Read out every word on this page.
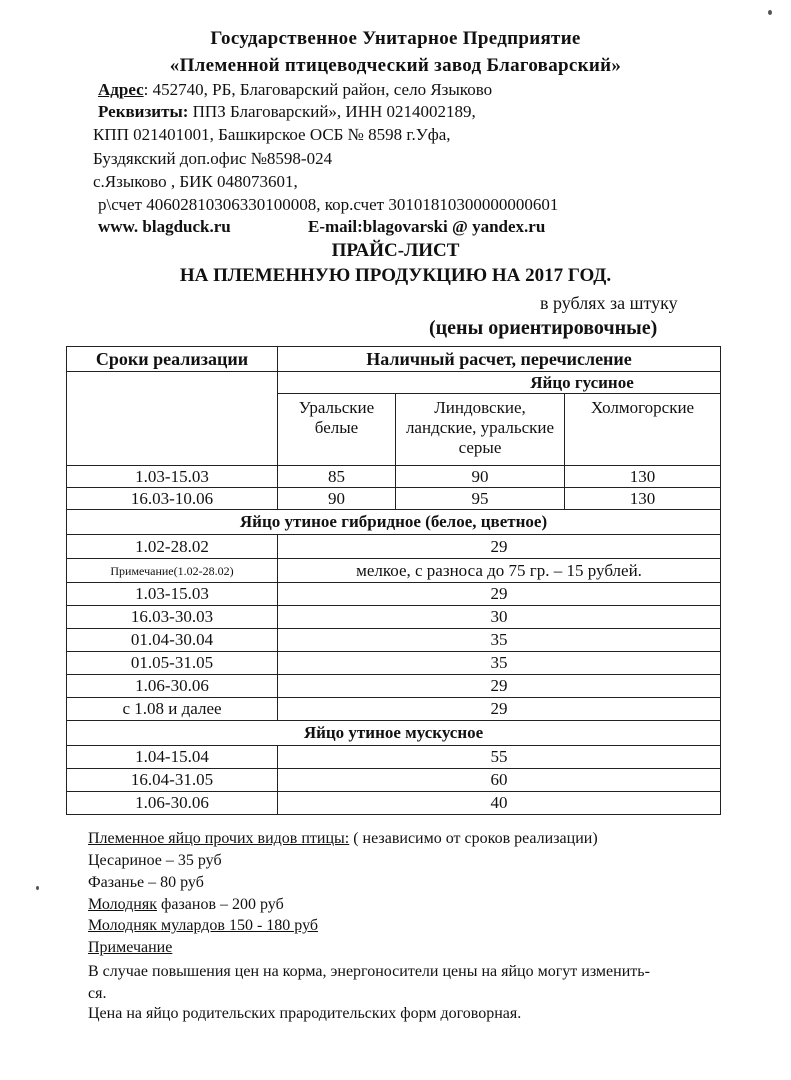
Государственное Унитарное Предприятие
«Племенной птицеводческий завод Благоварский»
Адрес: 452740, РБ, Благоварский район, село Языково
Реквизиты: ППЗ Благоварский», ИНН 0214002189,
КПП 021401001, Башкирское ОСБ № 8598 г.Уфа,
Буздякский доп.офис №8598-024
с.Языково , БИК 048073601,
р\счет 40602810306330100008, кор.счет 30101810300000000601
www. blagduck.ru	E-mail:blagovarski @ yandex.ru
ПРАЙС-ЛИСТ
НА ПЛЕМЕННУЮ ПРОДУКЦИЮ НА 2017 ГОД.
в рублях за штуку
(цены ориентировочные)
Сроки реализации	Наличный расчет, перечисление		
	Яйцо гусиное		
	Уральские белые	Линдовские, ландские, уральские серые	Холмогорские
1.03-15.03	85	90	130
16.03-10.06	90	95	130
Яйцо утиное гибридное (белое, цветное)			
1.02-28.02	29		
Примечание(1.02-28.02)	мелкое, с разноса до 75 гр. – 15 рублей.		
1.03-15.03	29		
16.03-30.03	30		
01.04-30.04	35		
01.05-31.05	35		
1.06-30.06	29		
с 1.08 и далее	29		
Яйцо утиное мускусное			
1.04-15.04	55		
16.04-31.05	60		
1.06-30.06	40		
Племенное яйцо прочих видов птицы: ( независимо от сроков реализации)
Цесариное – 35 руб
Фазанье – 80 руб
Молодняк фазанов – 200 руб
Молодняк мулардов 150 - 180 руб
Примечание
В случае повышения цен на корма, энергоносители цены на яйцо могут измениться.
Цена на яйцо родительских прародительских форм договорная.
